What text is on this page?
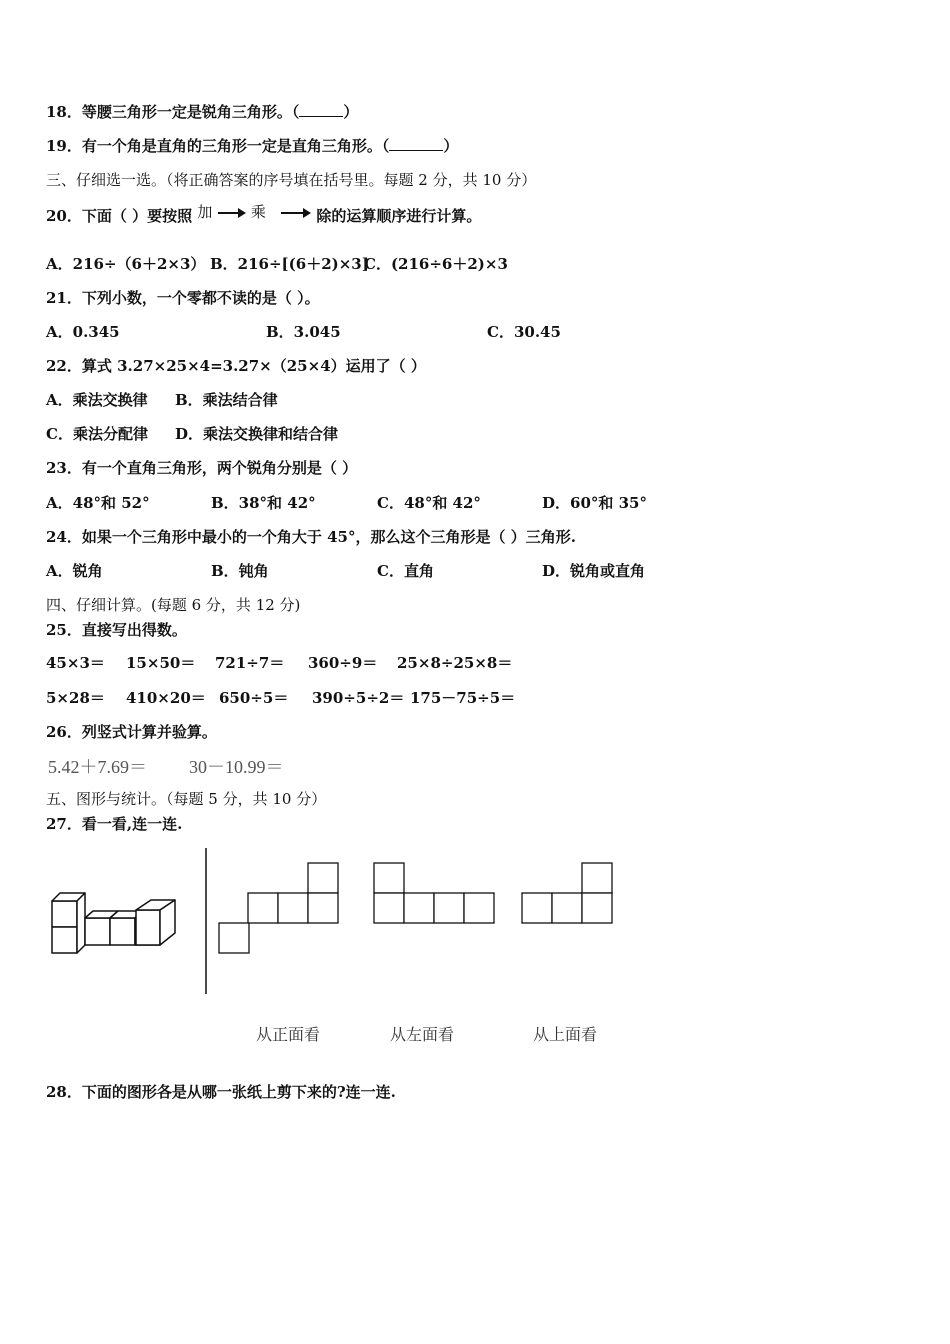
18．等腰三角形一定是锐角三角形。（	）
19．有一个角是直角的三角形一定是直角三角形。（	）
三、仔细选一选。（将正确答案的序号填在括号里。每题 2 分，共 10 分）
20．下面（ ）要按照 加	乘	除的运算顺序进行计算。
A．216÷（6＋2×3） B．216÷[(6＋2)×3]
C．(216÷6＋2)×3
21．下列小数，一个零都不读的是（ ）。
A．0.345	B．3.045	C．30.45
22．算式 3.27×25×4=3.27×（25×4）运用了（ ）
A．乘法交换律 B．乘法结合律
C．乘法分配律 D．乘法交换律和结合律
23．有一个直角三角形，两个锐角分别是（ ）
A．48°和 52°	B．38°和 42°	C．48°和 42°	D．60°和 35°
24．如果一个三角形中最小的一个角大于 45°，那么这个三角形是（ ）三角形.
A．锐角	B．钝角	C．直角	D．锐角或直角
四、仔细计算。(每题 6 分，共 12 分)
25．直接写出得数。
45×3＝ 15×50＝ 721÷7＝ 360÷9＝ 25×8÷25×8＝
5×28＝ 410×20＝ 650÷5＝ 390÷5÷2＝ 175－75÷5＝
26．列竖式计算并验算。
5.42＋7.69＝ 30－10.99＝
五、图形与统计。（每题 5 分，共 10 分）
27．看一看,连一连.
从正面看	从左面看	从上面看
28．下面的图形各是从哪一张纸上剪下来的?连一连.
